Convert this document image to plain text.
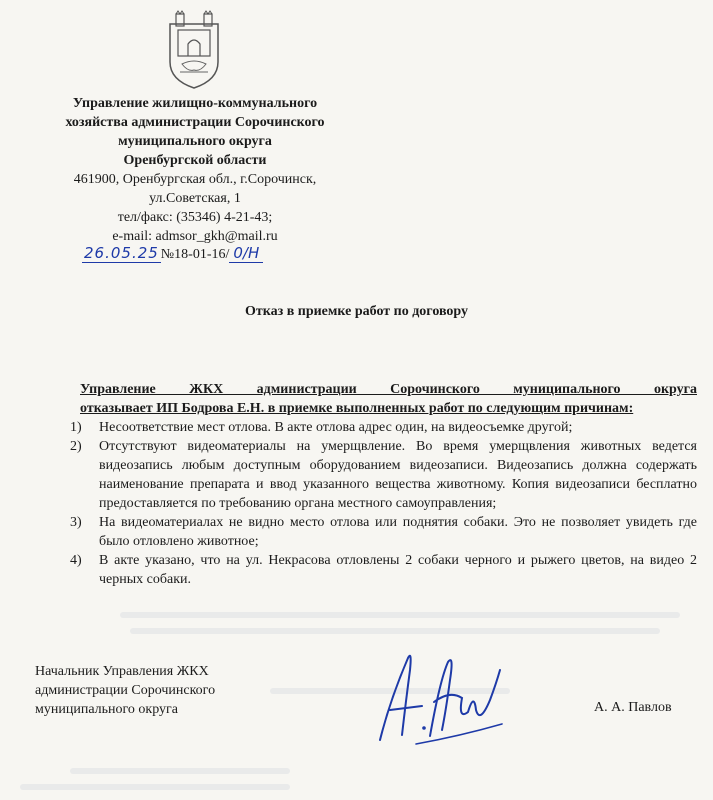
Управление жилищно-коммунального
хозяйства администрации Сорочинского
муниципального округа
Оренбургской области
461900, Оренбургская обл., г.Сорочинск,
ул.Советская, 1
тел/факс: (35346) 4-21-43;
e-mail: admsor_gkh@mail.ru
26.05.25 №18-01-16/ 0/H
Отказ в приемке работ по договору
Управление ЖКХ администрации Сорочинского муниципального округа
отказывает ИП Бодрова Е.Н. в приемке выполненных работ по следующим причинам:
1) Несоответствие мест отлова. В акте отлова адрес один, на видеосъемке другой;
2) Отсутствуют видеоматериалы на умерщвление. Во время умерщвления животных ведется видеозапись любым доступным оборудованием видеозаписи. Видеозапись должна содержать наименование препарата и ввод указанного вещества животному. Копия видеозаписи бесплатно предоставляется по требованию органа местного самоуправления;
3) На видеоматериалах не видно место отлова или поднятия собаки. Это не позволяет увидеть где было отловлено животное;
4) В акте указано, что на ул. Некрасова отловлены 2 собаки черного и рыжего цветов, на видео 2 черных собаки.
Начальник Управления ЖКХ
администрации Сорочинского
муниципального округа	А. А. Павлов
